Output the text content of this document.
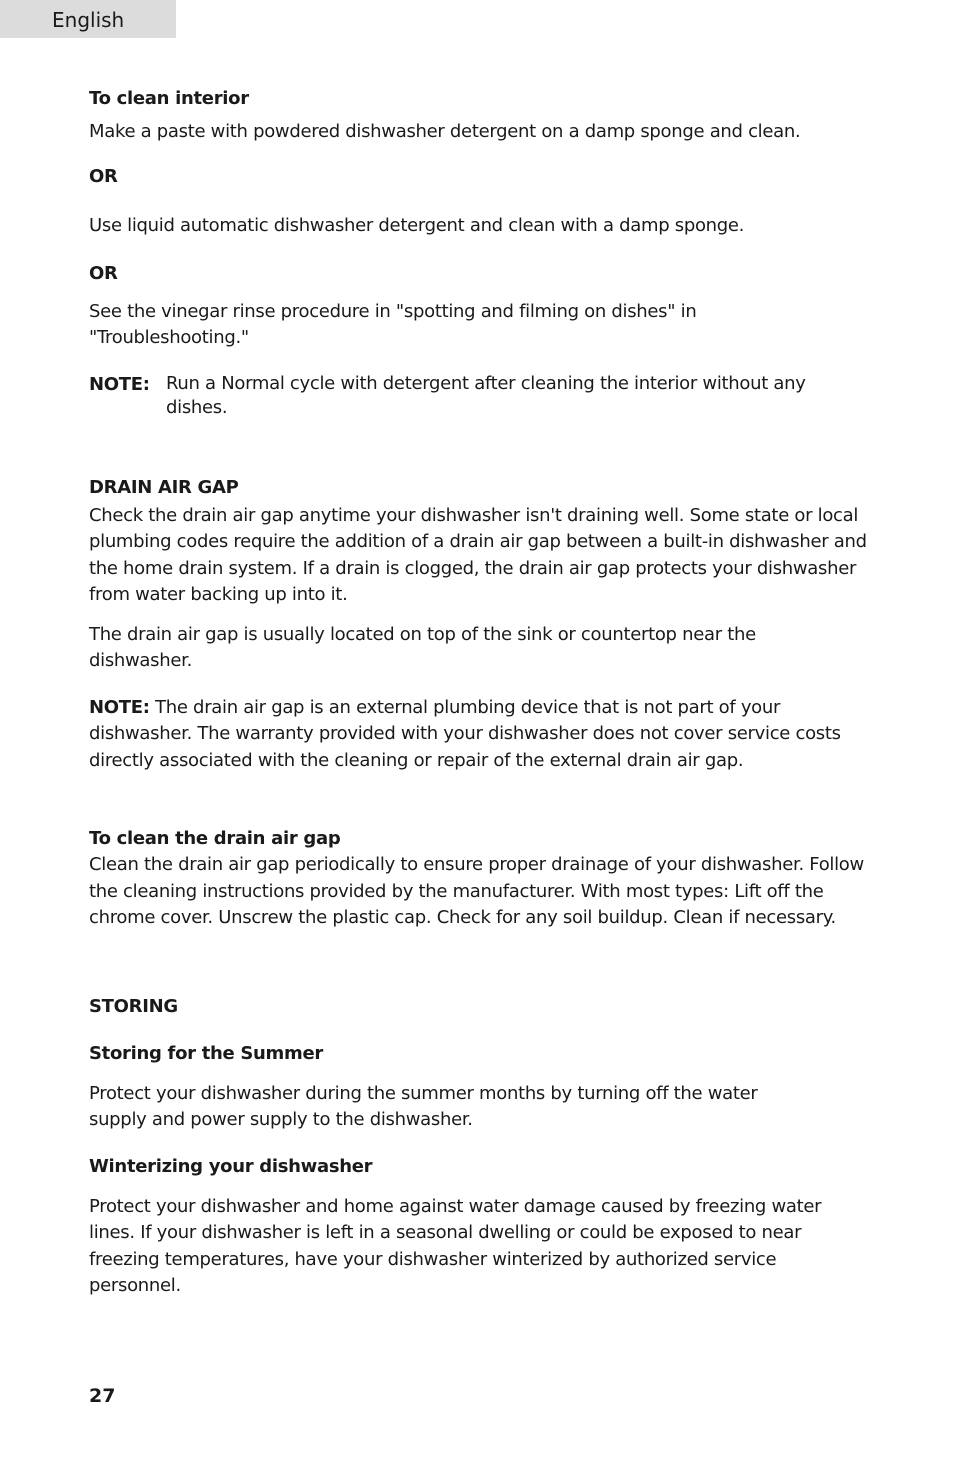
English
To clean interior

Make a paste with powdered dishwasher detergent on a damp sponge and clean.

OR

Use liquid automatic dishwasher detergent and clean with a damp sponge.

OR

See the vinegar rinse procedure in "spotting and filming on dishes" in "Troubleshooting."

NOTE: Run a Normal cycle with detergent after cleaning the interior without any dishes.
DRAIN AIR GAP

Check the drain air gap anytime your dishwasher isn't draining well. Some state or local plumbing codes require the addition of a drain air gap between a built-in dishwasher and the home drain system. If a drain is clogged, the drain air gap protects your dishwasher from water backing up into it.

The drain air gap is usually located on top of the sink or countertop near the dishwasher.

NOTE: The drain air gap is an external plumbing device that is not part of your dishwasher. The warranty provided with your dishwasher does not cover service costs directly associated with the cleaning or repair of the external drain air gap.

To clean the drain air gap

Clean the drain air gap periodically to ensure proper drainage of your dishwasher. Follow the cleaning instructions provided by the manufacturer. With most types: Lift off the chrome cover. Unscrew the plastic cap. Check for any soil buildup. Clean if necessary.

STORING
Storing for the Summer

Protect your dishwasher during the summer months by turning off the water supply and power supply to the dishwasher.

Winterizing your dishwasher

Protect your dishwasher and home against water damage caused by freezing water lines. If your dishwasher is left in a seasonal dwelling or could be exposed to near freezing temperatures, have your dishwasher winterized by authorized service personnel.

27
